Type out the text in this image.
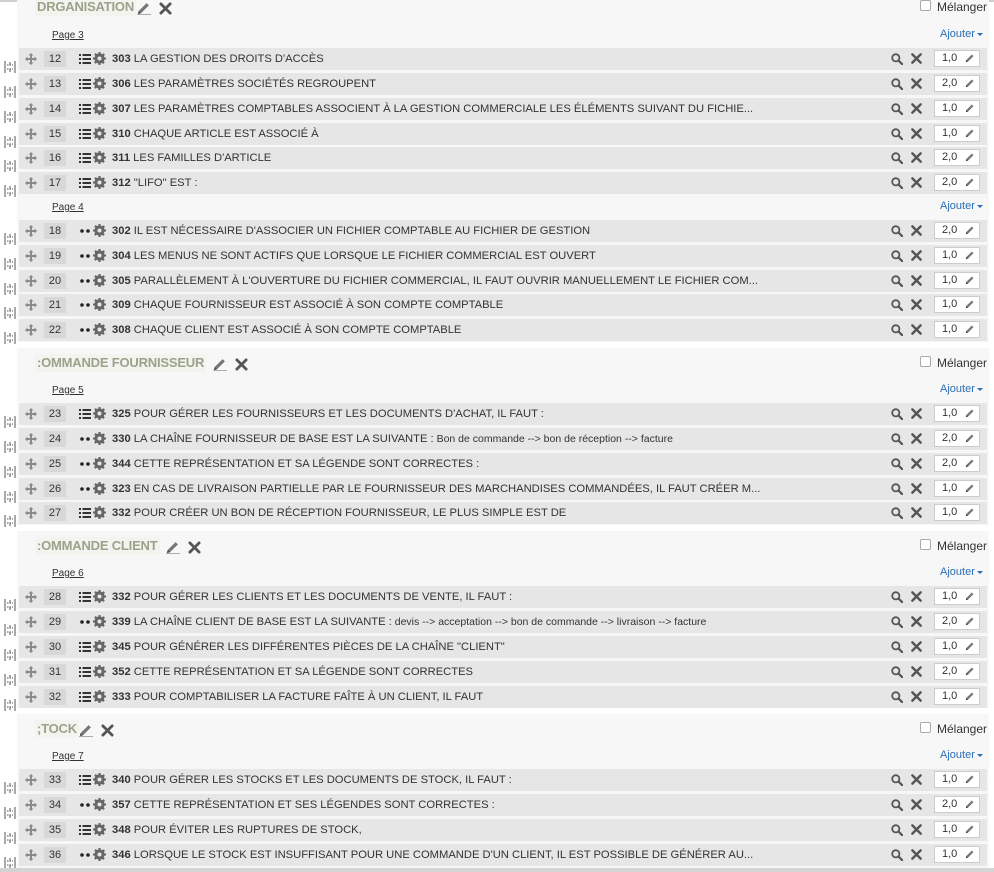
DRGANISATION	Mélanger
Page 3	Ajouter
12	303 LA GESTION DES DROITS D'ACCÈS	1,0
13	306 LES PARAMÈTRES SOCIÉTÉS REGROUPENT	2,0
14	307 LES PARAMÈTRES COMPTABLES ASSOCIENT À LA GESTION COMMERCIALE LES ÉLÉMENTS SUIVANT DU FICHIE...	1,0
15	310 CHAQUE ARTICLE EST ASSOCIÉ À	1,0
16	311 LES FAMILLES D'ARTICLE	2,0
17	312 "LIFO" EST :	2,0
Page 4	Ajouter
18	302 IL EST NÉCESSAIRE D'ASSOCIER UN FICHIER COMPTABLE AU FICHIER DE GESTION	2,0
19	304 LES MENUS NE SONT ACTIFS QUE LORSQUE LE FICHIER COMMERCIAL EST OUVERT	1,0
20	305 PARALLÈLEMENT À L'OUVERTURE DU FICHIER COMMERCIAL, IL FAUT OUVRIR MANUELLEMENT LE FICHIER COM...	1,0
21	309 CHAQUE FOURNISSEUR EST ASSOCIÉ À SON COMPTE COMPTABLE	1,0
22	308 CHAQUE CLIENT EST ASSOCIÉ À SON COMPTE COMPTABLE	1,0
:OMMANDE FOURNISSEUR	Mélanger
Page 5	Ajouter
23	325 POUR GÉRER LES FOURNISSEURS ET LES DOCUMENTS D'ACHAT, IL FAUT :	1,0
24	330 LA CHAÎNE FOURNISSEUR DE BASE EST LA SUIVANTE : Bon de commande --> bon de réception --> facture	2,0
25	344 CETTE REPRÉSENTATION ET SA LÉGENDE SONT CORRECTES :	2,0
26	323 EN CAS DE LIVRAISON PARTIELLE PAR LE FOURNISSEUR DES MARCHANDISES COMMANDÉES, IL FAUT CRÉER M...	1,0
27	332 POUR CRÉER UN BON DE RÉCEPTION FOURNISSEUR, LE PLUS SIMPLE EST DE	1,0
:OMMANDE CLIENT	Mélanger
Page 6	Ajouter
28	332 POUR GÉRER LES CLIENTS ET LES DOCUMENTS DE VENTE, IL FAUT :	1,0
29	339 LA CHAÎNE CLIENT DE BASE EST LA SUIVANTE : devis --> acceptation --> bon de commande --> livraison --> facture	2,0
30	345 POUR GÉNÉRER LES DIFFÉRENTES PIÈCES DE LA CHAÎNE "CLIENT"	1,0
31	352 CETTE REPRÉSENTATION ET SA LÉGENDE SONT CORRECTES	2,0
32	333 POUR COMPTABILISER LA FACTURE FAÎTE À UN CLIENT, IL FAUT	1,0
;TOCK	Mélanger
Page 7	Ajouter
33	340 POUR GÉRER LES STOCKS ET LES DOCUMENTS DE STOCK, IL FAUT :	1,0
34	357 CETTE REPRÉSENTATION ET SES LÉGENDES SONT CORRECTES :	2,0
35	348 POUR ÉVITER LES RUPTURES DE STOCK,	1,0
36	346 LORSQUE LE STOCK EST INSUFFISANT POUR UNE COMMANDE D'UN CLIENT, IL EST POSSIBLE DE GÉNÉRER AU...	1,0
